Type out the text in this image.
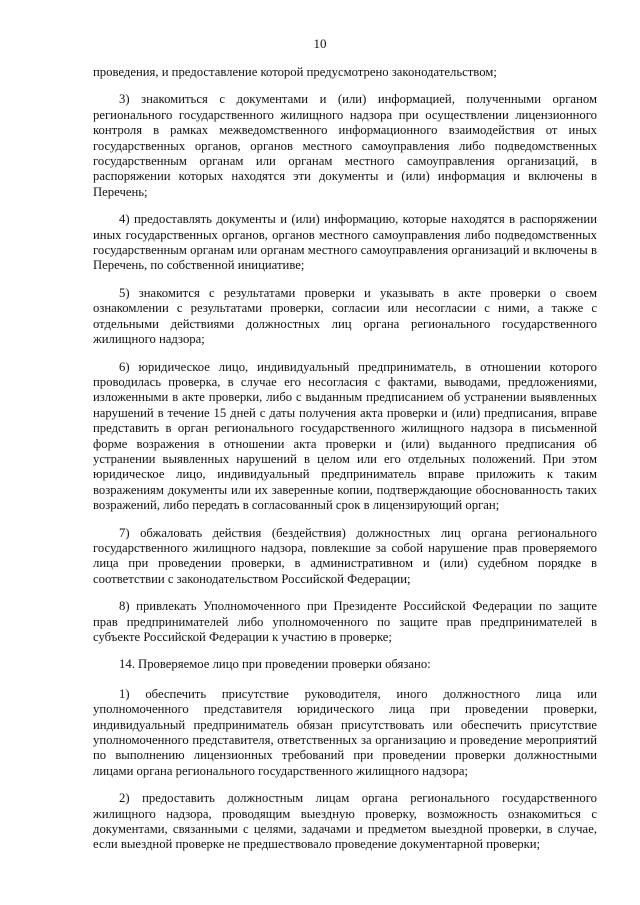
10

проведения, и предоставление которой предусмотрено законодательством;

3) знакомиться с документами и (или) информацией, полученными органом регионального государственного жилищного надзора при осуществлении лицензионного контроля в рамках межведомственного информационного взаимодействия от иных государственных органов, органов местного самоуправления либо подведомственных государственным органам или органам местного самоуправления организаций, в распоряжении которых находятся эти документы и (или) информация и включены в Перечень;

4) предоставлять документы и (или) информацию, которые находятся в распоряжении иных государственных органов, органов местного самоуправления либо подведомственных государственным органам или органам местного самоуправления организаций и включены в Перечень, по собственной инициативе;

5) знакомится с результатами проверки и указывать в акте проверки о своем ознакомлении с результатами проверки, согласии или несогласии с ними, а также с отдельными действиями должностных лиц органа регионального государственного жилищного надзора;

6) юридическое лицо, индивидуальный предприниматель, в отношении которого проводилась проверка, в случае его несогласия с фактами, выводами, предложениями, изложенными в акте проверки, либо с выданным предписанием об устранении выявленных нарушений в течение 15 дней с даты получения акта проверки и (или) предписания, вправе представить в орган регионального государственного жилищного надзора в письменной форме возражения в отношении акта проверки и (или) выданного предписания об устранении выявленных нарушений в целом или его отдельных положений. При этом юридическое лицо, индивидуальный предприниматель вправе приложить к таким возражениям документы или их заверенные копии, подтверждающие обоснованность таких возражений, либо передать в согласованный срок в лицензирующий орган;

7) обжаловать действия (бездействия) должностных лиц органа регионального государственного жилищного надзора, повлекшие за собой нарушение прав проверяемого лица при проведении проверки, в административном и (или) судебном порядке в соответствии с законодательством Российской Федерации;

8) привлекать Уполномоченного при Президенте Российской Федерации по защите прав предпринимателей либо уполномоченного по защите прав предпринимателей в субъекте Российской Федерации к участию в проверке;

14. Проверяемое лицо при проведении проверки обязано:

1) обеспечить присутствие руководителя, иного должностного лица или уполномоченного представителя юридического лица при проведении проверки, индивидуальный предприниматель обязан присутствовать или обеспечить присутствие уполномоченного представителя, ответственных за организацию и проведение мероприятий по выполнению лицензионных требований при проведении проверки должностными лицами органа регионального государственного жилищного надзора;

2) предоставить должностным лицам органа регионального государственного жилищного надзора, проводящим выездную проверку, возможность ознакомиться с документами, связанными с целями, задачами и предметом выездной проверки, в случае, если выездной проверке не предшествовало проведение документарной проверки;
